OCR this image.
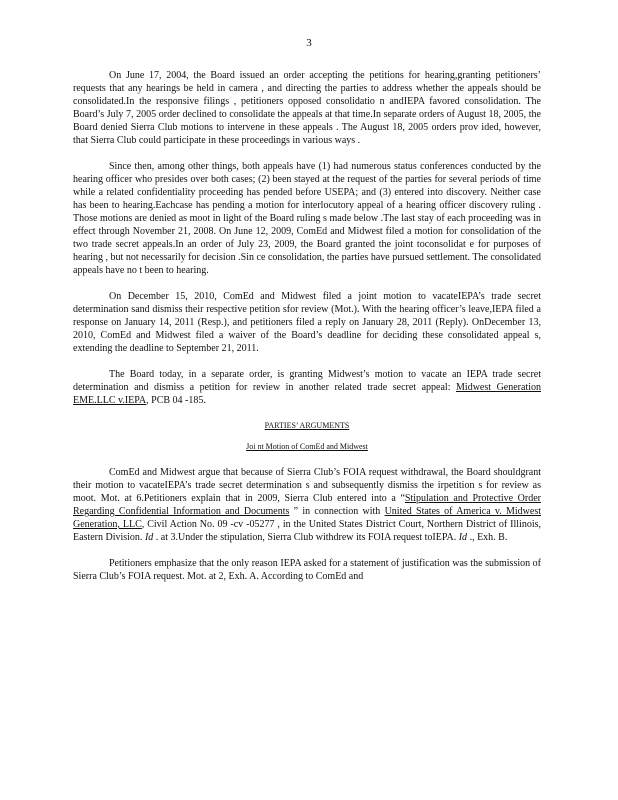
3

On June 17, 2004, the Board issued an order accepting the petitions for hearing,granting petitioners’ requests that any hearings be held in camera , and directing the parties to address whether the appeals should be consolidated.In the responsive filings , petitioners opposed consolidatio n andIEPA favored consolidation. The Board’s July 7, 2005 order declined to consolidate the appeals at that time.In separate orders of August 18, 2005, the Board denied Sierra Club motions to intervene in these appeals . The August 18, 2005 orders prov ided, however, that Sierra Club could participate in these proceedings in various ways .

Since then, among other things, both appeals have (1) had numerous status conferences conducted by the hearing officer who presides over both cases; (2) been stayed at the request of the parties for several periods of time while a related confidentiality proceeding has pended before USEPA; and (3) entered into discovery. Neither case has been to hearing.Eachcase has pending a motion for interlocutory appeal of a hearing officer discovery ruling . Those motions are denied as moot in light of the Board ruling s made below .The last stay of each proceeding was in effect through November 21, 2008. On June 12, 2009, ComEd and Midwest filed a motion for consolidation of the two trade secret appeals.In an order of July 23, 2009, the Board granted the joint toconsolidat e for purposes of hearing , but not necessarily for decision .Sin ce consolidation, the parties have pursued settlement. The consolidated appeals have no t been to hearing.

On December 15, 2010, ComEd and Midwest filed a joint motion to vacateIEPA’s trade secret determination sand dismiss their respective petition sfor review (Mot.). With the hearing officer’s leave,IEPA filed a response on January 14, 2011 (Resp.), and petitioners filed a reply on January 28, 2011 (Reply). OnDecember 13, 2010, ComEd and Midwest filed a waiver of the Board’s deadline for deciding these consolidated appeal s, extending the deadline to September 21, 2011.

The Board today, in a separate order, is granting Midwest’s motion to vacate an IEPA trade secret determination and dismiss a petition for review in another related trade secret appeal: Midwest Generation EME.LLC v.IEPA, PCB 04 -185.

PARTIES’ ARGUMENTS
Joi nt Motion of ComEd and Midwest

ComEd and Midwest argue that because of Sierra Club’s FOIA request withdrawal, the Board shouldgrant their motion to vacateIEPA’s trade secret determination s and subsequently dismiss the irpetition s for review as moot. Mot. at 6.Petitioners explain that in 2009, Sierra Club entered into a “Stipulation and Protective Order Regarding Confidential Information and Documents ” in connection with United States of America v. Midwest Generation, LLC, Civil Action No. 09 -cv -05277 , in the United States District Court, Northern District of Illinois, Eastern Division. Id . at 3.Under the stipulation, Sierra Club withdrew its FOIA request toIEPA. Id ., Exh. B.

Petitioners emphasize that the only reason IEPA asked for a statement of justification was the submission of Sierra Club’s FOIA request. Mot. at 2, Exh. A. According to ComEd and
